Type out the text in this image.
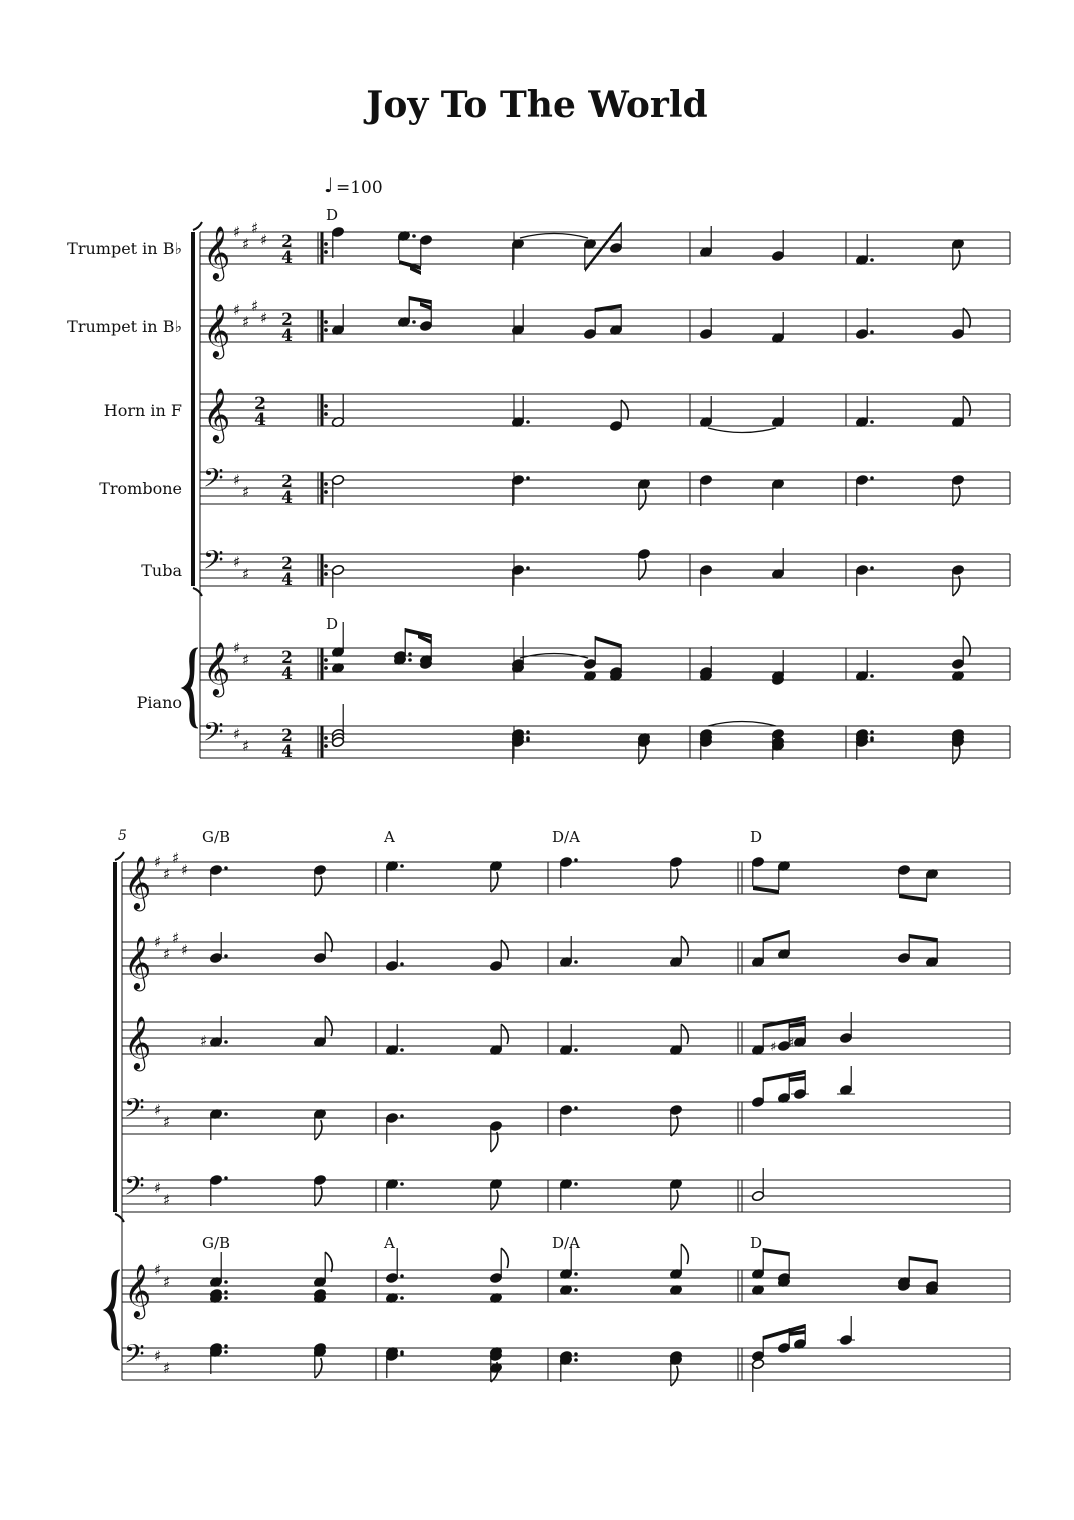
Joy To The World
♩ =100
D
D
Trumpet in B♭ 𝄞 ♯
♯
♯
♯ 2
4
Trumpet in B♭ 𝄞 ♯
♯
♯
♯ 2
4
Horn in F 𝄞 2
4
Trombone 𝄢 ♯
♯ 2
4
Tuba 𝄢 ♯
♯ 2
4
𝄞 ♯
♯ 2
4
𝄢 ♯
♯ 2
4
Piano
5	G/B
G/B
A
A
D/A
D/A
D
D
𝄞 ♯
♯
♯
♯
𝄞 ♯
♯
♯
♯
𝄞
𝄢 ♯
♯
𝄢 ♯
♯
𝄞 ♯
♯
𝄢 ♯
♯
♯	♯ ♯
